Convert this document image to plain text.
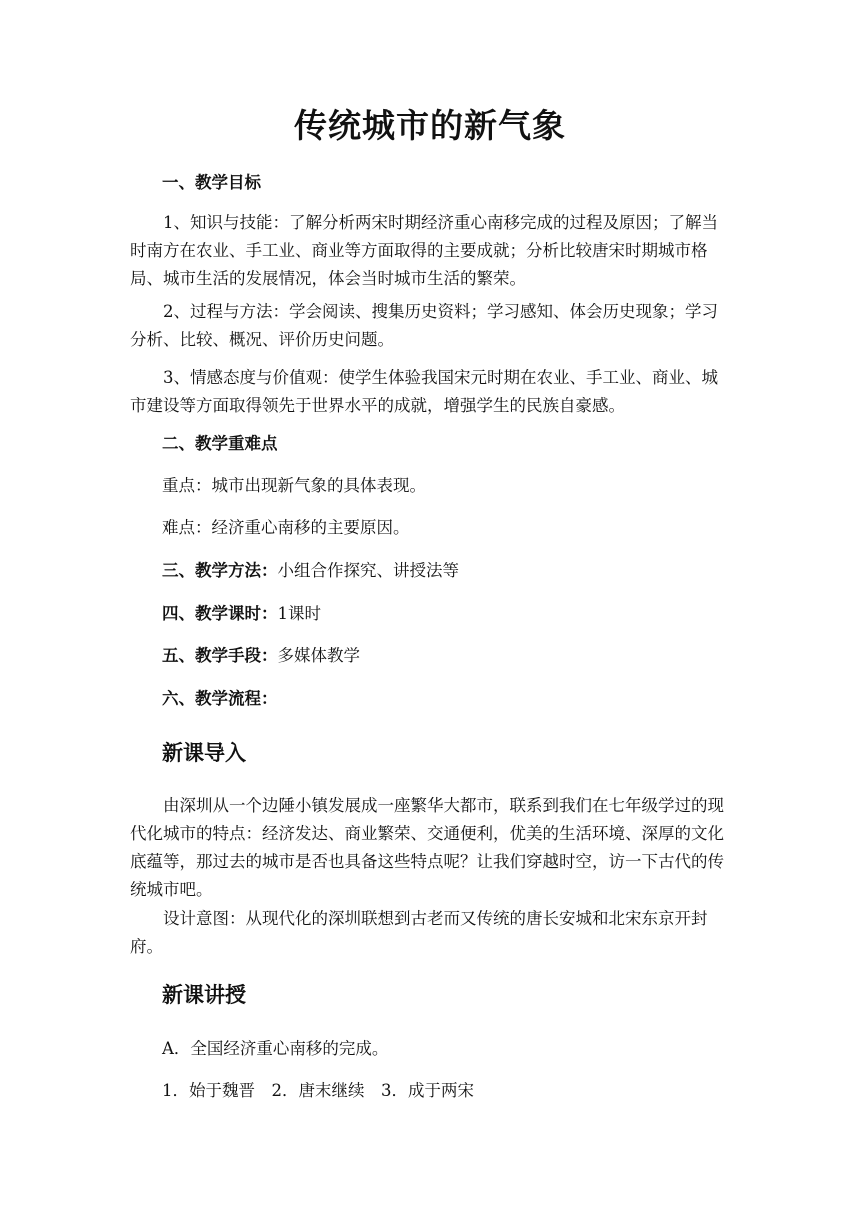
传统城市的新气象
一、教学目标
1、知识与技能：了解分析两宋时期经济重心南移完成的过程及原因；了解当时南方在农业、手工业、商业等方面取得的主要成就；分析比较唐宋时期城市格局、城市生活的发展情况，体会当时城市生活的繁荣。
2、过程与方法：学会阅读、搜集历史资料；学习感知、体会历史现象；学习分析、比较、概况、评价历史问题。
3、情感态度与价值观：使学生体验我国宋元时期在农业、手工业、商业、城市建设等方面取得领先于世界水平的成就，增强学生的民族自豪感。
二、教学重难点
重点：城市出现新气象的具体表现。
难点：经济重心南移的主要原因。
三、教学方法：小组合作探究、讲授法等
四、教学课时：1课时
五、教学手段：多媒体教学
六、教学流程：
新课导入
由深圳从一个边陲小镇发展成一座繁华大都市，联系到我们在七年级学过的现代化城市的特点：经济发达、商业繁荣、交通便利，优美的生活环境、深厚的文化底蕴等，那过去的城市是否也具备这些特点呢？让我们穿越时空，访一下古代的传统城市吧。
设计意图：从现代化的深圳联想到古老而又传统的唐长安城和北宋东京开封府。
新课讲授
A．全国经济重心南移的完成。
1．始于魏晋　2．唐末继续　3．成于两宋
